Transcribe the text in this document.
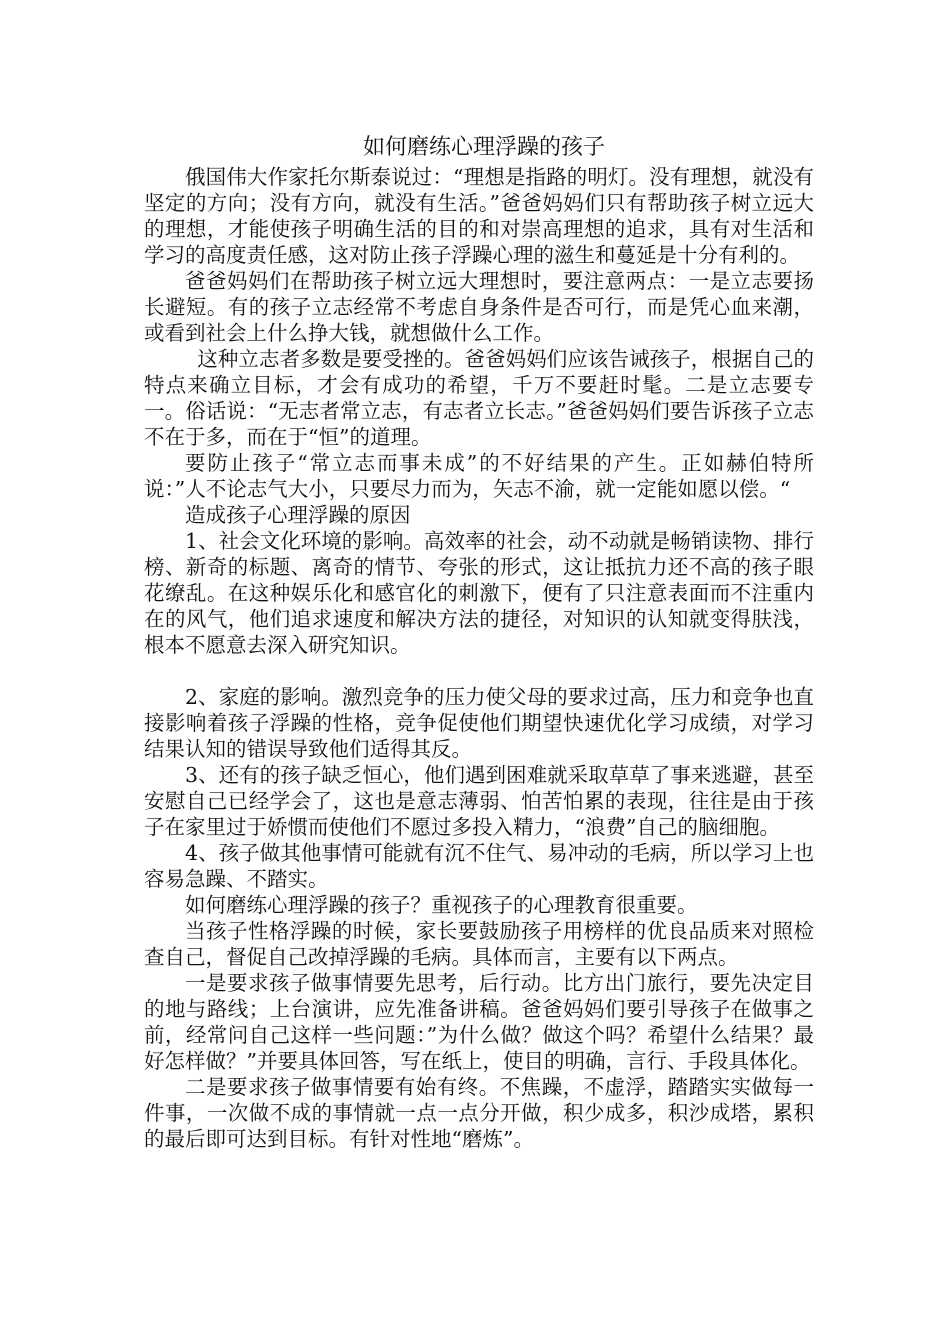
如何磨练心理浮躁的孩子

俄国伟大作家托尔斯泰说过：“理想是指路的明灯。没有理想，就没有坚定的方向；没有方向，就没有生活。”爸爸妈妈们只有帮助孩子树立远大的理想，才能使孩子明确生活的目的和对崇高理想的追求，具有对生活和学习的高度责任感，这对防止孩子浮躁心理的滋生和蔓延是十分有利的。

爸爸妈妈们在帮助孩子树立远大理想时，要注意两点：一是立志要扬长避短。有的孩子立志经常不考虑自身条件是否可行，而是凭心血来潮，或看到社会上什么挣大钱，就想做什么工作。

这种立志者多数是要受挫的。爸爸妈妈们应该告诫孩子，根据自己的特点来确立目标，才会有成功的希望，千万不要赶时髦。二是立志要专一。俗话说：“无志者常立志，有志者立长志。”爸爸妈妈们要告诉孩子立志不在于多，而在于“恒”的道理。

要防止孩子“常立志而事未成”的不好结果的产生。正如赫伯特所说：”人不论志气大小，只要尽力而为，矢志不渝，就一定能如愿以偿。“

造成孩子心理浮躁的原因

1、社会文化环境的影响。高效率的社会，动不动就是畅销读物、排行榜、新奇的标题、离奇的情节、夸张的形式，这让抵抗力还不高的孩子眼花缭乱。在这种娱乐化和感官化的刺激下，便有了只注意表面而不注重内在的风气，他们追求速度和解决方法的捷径，对知识的认知就变得肤浅，根本不愿意去深入研究知识。

2、家庭的影响。激烈竞争的压力使父母的要求过高，压力和竞争也直接影响着孩子浮躁的性格，竞争促使他们期望快速优化学习成绩，对学习结果认知的错误导致他们适得其反。

3、还有的孩子缺乏恒心，他们遇到困难就采取草草了事来逃避，甚至安慰自己已经学会了，这也是意志薄弱、怕苦怕累的表现，往往是由于孩子在家里过于娇惯而使他们不愿过多投入精力，“浪费”自己的脑细胞。

4、孩子做其他事情可能就有沉不住气、易冲动的毛病，所以学习上也容易急躁、不踏实。

如何磨练心理浮躁的孩子？重视孩子的心理教育很重要。

当孩子性格浮躁的时候，家长要鼓励孩子用榜样的优良品质来对照检查自己，督促自己改掉浮躁的毛病。具体而言，主要有以下两点。

一是要求孩子做事情要先思考，后行动。比方出门旅行，要先决定目的地与路线；上台演讲，应先准备讲稿。爸爸妈妈们要引导孩子在做事之前，经常问自己这样一些问题：”为什么做？做这个吗？希望什么结果？最好怎样做？”并要具体回答，写在纸上，使目的明确，言行、手段具体化。

二是要求孩子做事情要有始有终。不焦躁，不虚浮，踏踏实实做每一件事，一次做不成的事情就一点一点分开做，积少成多，积沙成塔，累积的最后即可达到目标。有针对性地“磨炼”。
